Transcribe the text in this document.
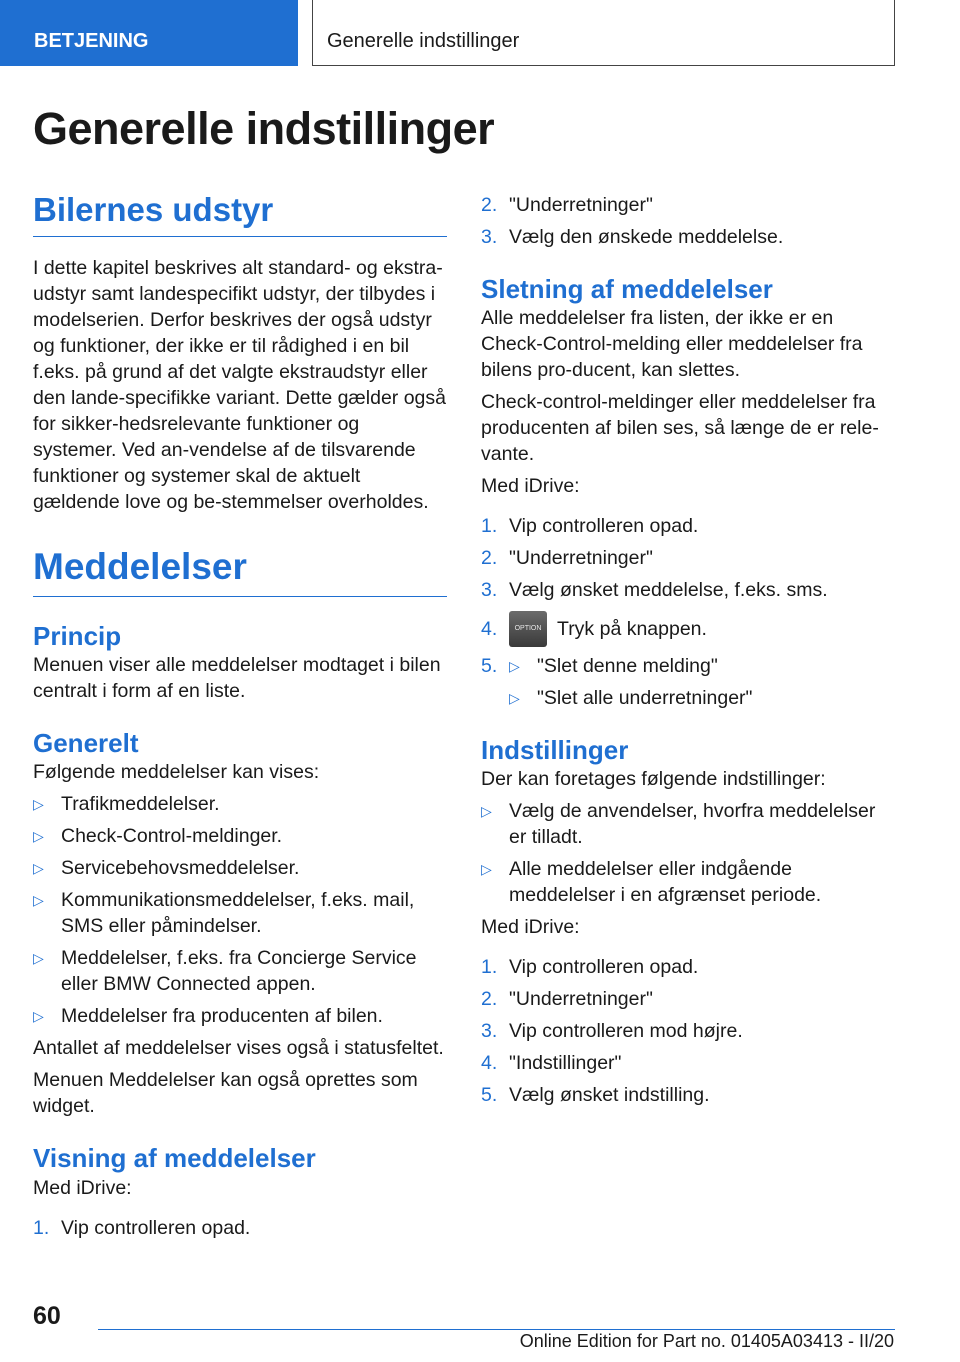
BETJENING	Generelle indstillinger
Generelle indstillinger
Bilernes udstyr

I dette kapitel beskrives alt standard- og ekstra-udstyr samt landespecifikt udstyr, der tilbydes i modelserien. Derfor beskrives der også udstyr og funktioner, der ikke er til rådighed i en bil f.eks. på grund af det valgte ekstraudstyr eller den lande-specifikke variant. Dette gælder også for sikker-hedsrelevante funktioner og systemer. Ved an-vendelse af de tilsvarende funktioner og systemer skal de aktuelt gældende love og be-stemmelser overholdes.

Meddelelser
Princip

Menuen viser alle meddelelser modtaget i bilen centralt i form af en liste.

Generelt

Følgende meddelelser kan vises:

▷ Trafikmeddelelser.
▷ Check-Control-meldinger.
▷ Servicebehovsmeddelelser.
▷ Kommunikationsmeddelelser, f.eks. mail, SMS eller påmindelser.
▷ Meddelelser, f.eks. fra Concierge Service eller BMW Connected appen.
▷ Meddelelser fra producenten af bilen.

Antallet af meddelelser vises også i statusfeltet.

Menuen Meddelelser kan også oprettes som widget.

Visning af meddelelser

Med iDrive:

1. Vip controlleren opad.
2. "Underretninger"
3. Vælg den ønskede meddelelse.
Sletning af meddelelser

Alle meddelelser fra listen, der ikke er en Check-Control-melding eller meddelelser fra bilens pro-ducent, kan slettes.

Check-control-meldinger eller meddelelser fra producenten af bilen ses, så længe de er rele-vante.

Med iDrive:

1. Vip controlleren opad.
2. "Underretninger"
3. Vælg ønsket meddelelse, f.eks. sms.
4.	OPTION Tryk på knappen.
5. ▷ "Slet denne melding"
▷ "Slet alle underretninger"
Indstillinger

Der kan foretages følgende indstillinger:

▷ Vælg de anvendelser, hvorfra meddelelser er tilladt.
▷ Alle meddelelser eller indgående meddelelser i en afgrænset periode.

Med iDrive:

1. Vip controlleren opad.
2. "Underretninger"
3. Vip controlleren mod højre.
4. "Indstillinger"
5. Vælg ønsket indstilling.
60
Online Edition for Part no. 01405A03413 - II/20
